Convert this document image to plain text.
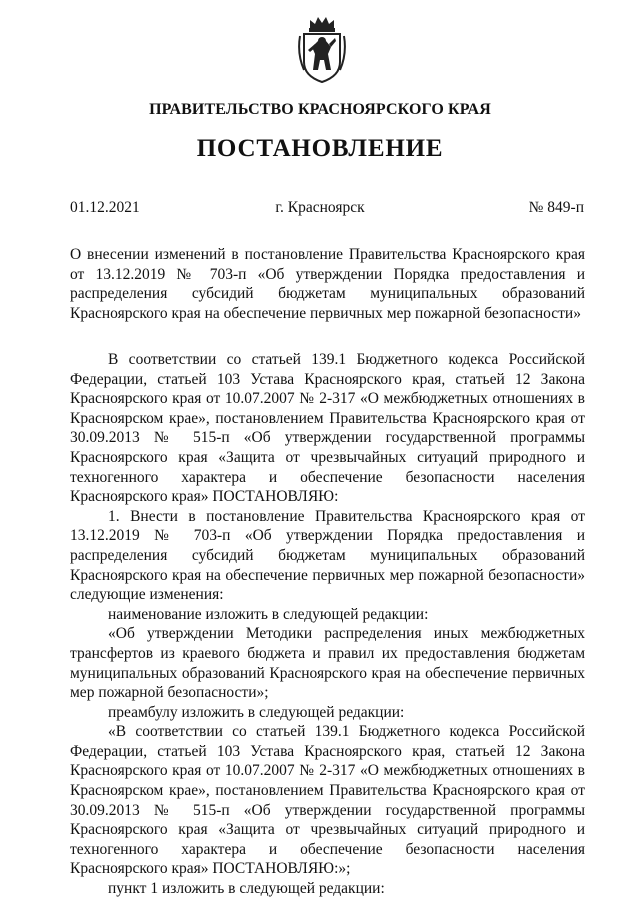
ПРАВИТЕЛЬСТВО КРАСНОЯРСКОГО КРАЯ
ПОСТАНОВЛЕНИЕ
01.12.2021	г. Красноярск	№ 849-п

О внесении изменений в постановление Правительства Красноярского края от 13.12.2019 № 703-п «Об утверждении Порядка предоставления и распределения субсидий бюджетам муниципальных образований Красноярского края на обеспечение первичных мер пожарной безопасности»

В соответствии со статьей 139.1 Бюджетного кодекса Российской Федерации, статьей 103 Устава Красноярского края, статьей 12 Закона Красноярского края от 10.07.2007 № 2-317 «О межбюджетных отношениях в Красноярском крае», постановлением Правительства Красноярского края от 30.09.2013 № 515-п «Об утверждении государственной программы Красноярского края «Защита от чрезвычайных ситуаций природного и техногенного характера и обеспечение безопасности населения Красноярского края» ПОСТАНОВЛЯЮ:

1. Внести в постановление Правительства Красноярского края от 13.12.2019 № 703-п «Об утверждении Порядка предоставления и распределения субсидий бюджетам муниципальных образований Красноярского края на обеспечение первичных мер пожарной безопасности» следующие изменения:

наименование изложить в следующей редакции:

«Об утверждении Методики распределения иных межбюджетных трансфертов из краевого бюджета и правил их предоставления бюджетам муниципальных образований Красноярского края на обеспечение первичных мер пожарной безопасности»;

преамбулу изложить в следующей редакции:

«В соответствии со статьей 139.1 Бюджетного кодекса Российской Федерации, статьей 103 Устава Красноярского края, статьей 12 Закона Красноярского края от 10.07.2007 № 2-317 «О межбюджетных отношениях в Красноярском крае», постановлением Правительства Красноярского края от 30.09.2013 № 515-п «Об утверждении государственной программы Красноярского края «Защита от чрезвычайных ситуаций природного и техногенного характера и обеспечение безопасности населения Красноярского края» ПОСТАНОВЛЯЮ:»;

пункт 1 изложить в следующей редакции:
